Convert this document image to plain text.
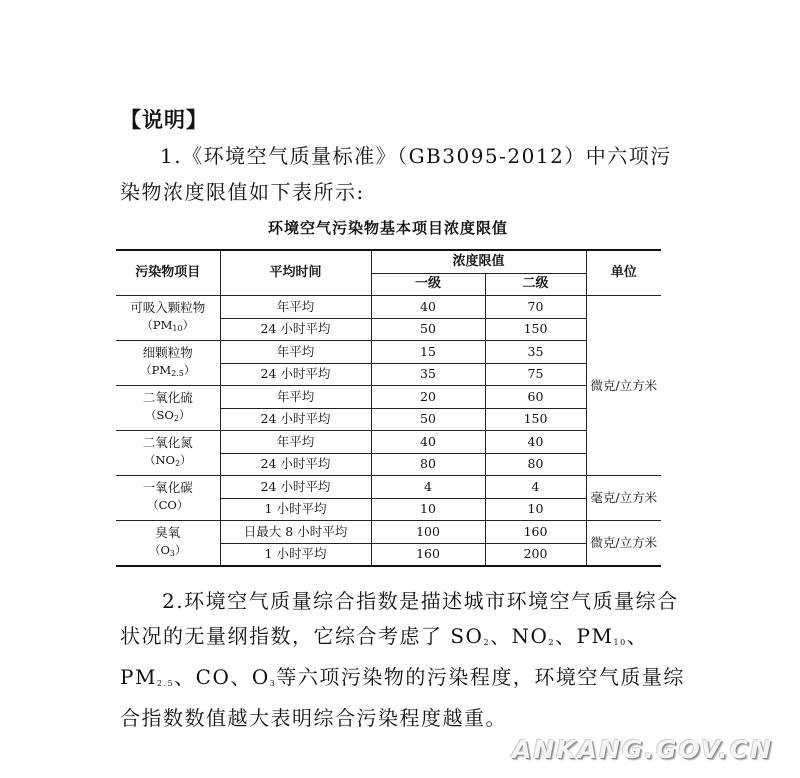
【说明】
1.《环境空气质量标准》（GB3095-2012）中六项污染物浓度限值如下表所示:
环境空气污染物基本项目浓度限值
污染物项目	平均时间	浓度限值		单位
		一级	二级	

可吸入颗粒物
$(PM_{10})$	年平均	40	70	微克/立方米
	24 小时平均	50	150	

细颗粒物
$(PM_{2.5})$	年平均	15	35	
	24 小时平均	35	75	

二氧化硫
$(SO_2)$	年平均	20	60	
	24 小时平均	50	150	

二氧化氮
$(NO_2)$	年平均	40	40	
	24 小时平均	80	80	

一氧化碳
（CO）	24 小时平均	4	4	毫克/立方米
	1 小时平均	10	10	

臭氧
$(O_3)$	日最大 8 小时平均	100	160	微克/立方米
	1 小时平均	160	200	
2.环境空气质量综合指数是描述城市环境空气质量综合状况的无量纲指数，它综合考虑了 $SO_2$、$NO_2$、$PM_{10}$、$PM_{2.5}$、CO、$O_3$等六项污染物的污染程度，环境空气质量综合指数数值越大表明综合污染程度越重。
ANKANG.GOV.CN
